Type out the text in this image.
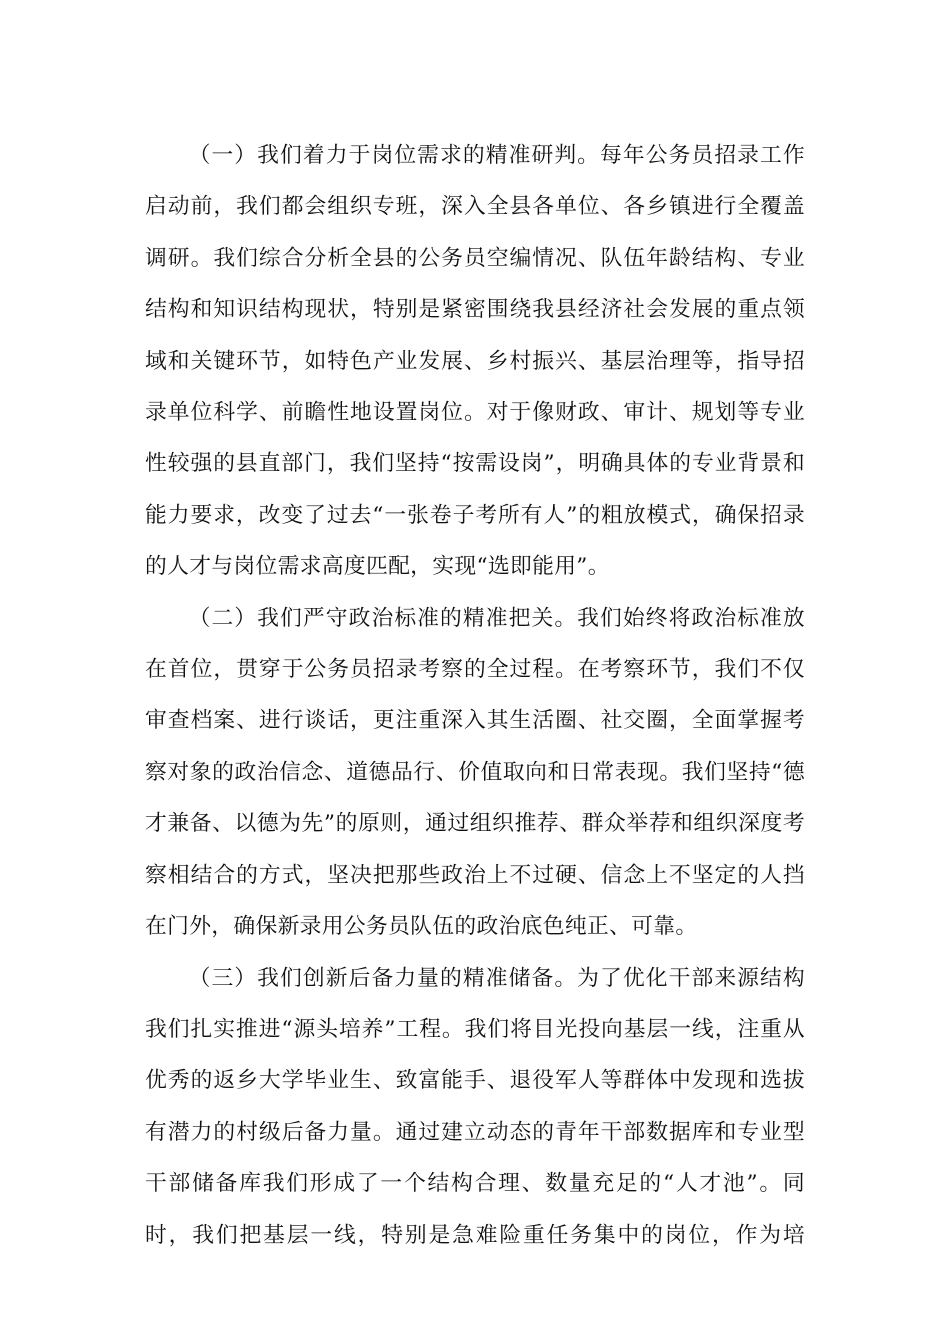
（一）我们着力于岗位需求的精准研判。每年公务员招录工作启动前，我们都会组织专班，深入全县各单位、各乡镇进行全覆盖调研。我们综合分析全县的公务员空编情况、队伍年龄结构、专业结构和知识结构现状，特别是紧密围绕我县经济社会发展的重点领域和关键环节，如特色产业发展、乡村振兴、基层治理等，指导招录单位科学、前瞻性地设置岗位。对于像财政、审计、规划等专业性较强的县直部门，我们坚持“按需设岗”，明确具体的专业背景和能力要求，改变了过去“一张卷子考所有人”的粗放模式，确保招录的人才与岗位需求高度匹配，实现“选即能用”。

（二）我们严守政治标准的精准把关。我们始终将政治标准放在首位，贯穿于公务员招录考察的全过程。在考察环节，我们不仅审查档案、进行谈话，更注重深入其生活圈、社交圈，全面掌握考察对象的政治信念、道德品行、价值取向和日常表现。我们坚持“德才兼备、以德为先”的原则，通过组织推荐、群众举荐和组织深度考察相结合的方式，坚决把那些政治上不过硬、信念上不坚定的人挡在门外，确保新录用公务员队伍的政治底色纯正、可靠。

（三）我们创新后备力量的精准储备。为了优化干部来源结构我们扎实推进“源头培养”工程。我们将目光投向基层一线，注重从优秀的返乡大学毕业生、致富能手、退役军人等群体中发现和选拔有潜力的村级后备力量。通过建立动态的青年干部数据库和专业型干部储备库我们形成了一个结构合理、数量充足的“人才池”。同时，我们把基层一线，特别是急难险重任务集中的岗位，作为培
